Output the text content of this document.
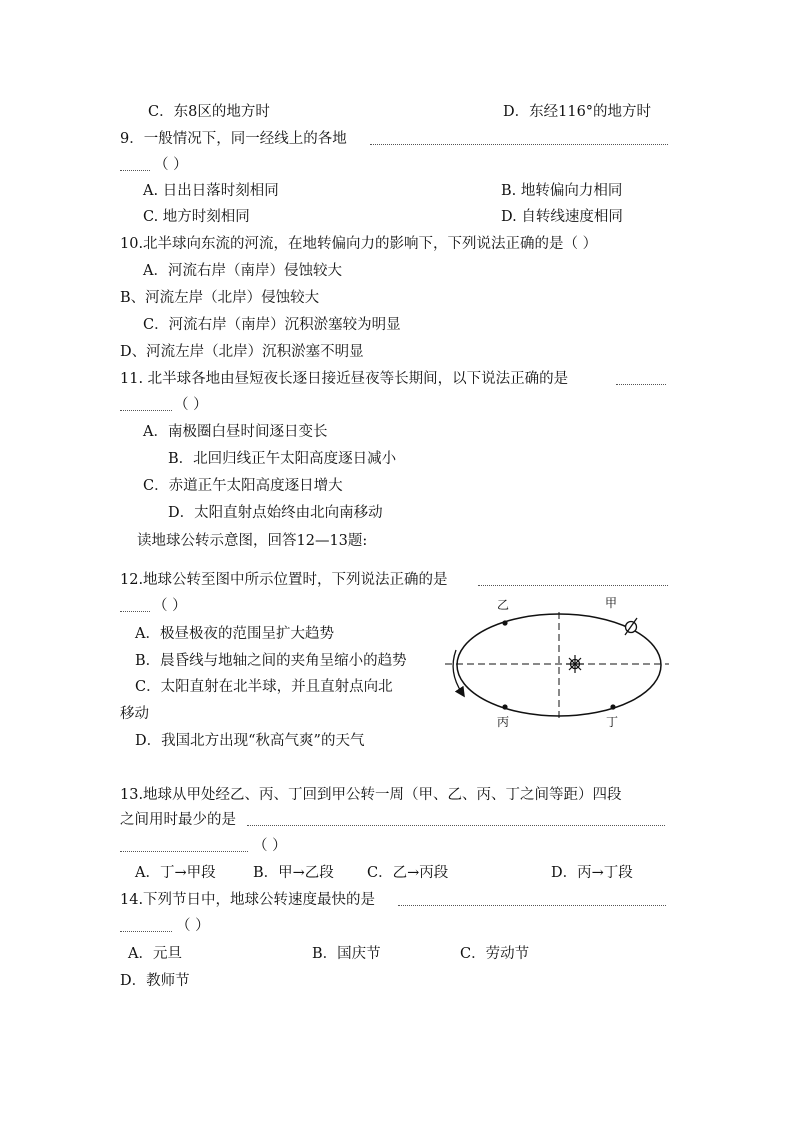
C．东8区的地方时	D．东经116°的地方时
9．一般情况下，同一经线上的各地
（ ）
A. 日出日落时刻相同	B. 地转偏向力相同
C. 地方时刻相同	D. 自转线速度相同
10.北半球向东流的河流，在地转偏向力的影响下，下列说法正确的是（ ）
A．河流右岸（南岸）侵蚀较大
B、河流左岸（北岸）侵蚀较大
C．河流右岸（南岸）沉积淤塞较为明显
D、河流左岸（北岸）沉积淤塞不明显
11. 北半球各地由昼短夜长逐日接近昼夜等长期间，以下说法正确的是
（ ）
A．南极圈白昼时间逐日变长
B．北回归线正午太阳高度逐日减小
C．赤道正午太阳高度逐日增大
D．太阳直射点始终由北向南移动
读地球公转示意图，回答12—13题:
12.地球公转至图中所示位置时，下列说法正确的是
（ ）
A．极昼极夜的范围呈扩大趋势
B．晨昏线与地轴之间的夹角呈缩小的趋势
C．太阳直射在北半球，并且直射点向北
移动
D．我国北方出现“秋高气爽”的天气
甲
乙
丙	丁
13.地球从甲处经乙、丙、丁回到甲公转一周（甲、乙、丙、丁之间等距）四段
之间用时最少的是
（ ）
A．丁→甲段	B．甲→乙段 C．乙→丙段	D．丙→丁段
14.下列节日中，地球公转速度最快的是
（ ）
A．元旦	B．国庆节	C．劳动节
D．教师节
